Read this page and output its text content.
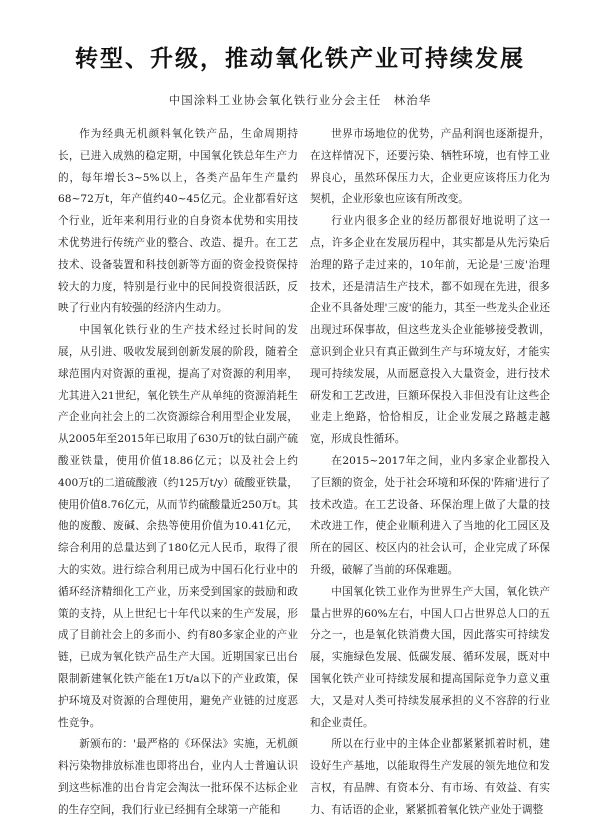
转型、升级，推动氧化铁产业可持续发展
中国涂料工业协会氧化铁行业分会主任　林治华

作为经典无机颜料氧化铁产品，生命周期持长，已进入成熟的稳定期，中国氧化铁总年生产力的，每年增长3~5%以上，各类产品年生产量约68~72万t，年产值约40~45亿元。企业都看好这个行业，近年来利用行业的自身资本优势和实用技术优势进行传统产业的整合、改造、提升。在工艺技术、设备装置和科技创新等方面的资金投资保持较大的力度，特别是行业中的民间投资很活跃，反映了行业内有较强的经济内生动力。

中国氧化铁行业的生产技术经过长时间的发展，从引进、吸收发展到创新发展的阶段，随着全球范围内对资源的重视，提高了对资源的利用率，尤其进入21世纪，氧化铁生产从单纯的资源消耗生产企业向社会上的二次资源综合利用型企业发展，从2005年至2015年已取用了630万t的钛白副产硫酸亚铁量，使用价值18.86亿元；以及社会上约400万t的二道硫酸液（约125万t/y）硫酸亚铁量，使用价值8.76亿元，从而节约硫酸量近250万t。其他的废酸、废碱、余热等使用价值为10.41亿元，综合利用的总量达到了180亿元人民币，取得了很大的实效。进行综合利用已成为中国石化行业中的循环经济精细化工产业，历来受到国家的鼓励和政策的支持，从上世纪七十年代以来的生产发展，形成了目前社会上的多而小、约有80多家企业的产业链，已成为氧化铁产品生产大国。近期国家已出台限制新建氧化铁产能在1万t/a以下的产业政策，保护环境及对资源的合理使用，避免产业链的过度恶性竞争。

新颁布的：'最严格的《环保法》实施，无机颜料污染物排放标准也即将出台，业内人士普遍认识到这些标准的出台肯定会淘汰一批环保不达标企业的生存空间，我们行业已经拥有全球第一产能和

世界市场地位的优势，产品利润也逐渐提升，在这样情况下，还要污染、牺牲环境，也有悖工业界良心，虽然环保压力大，企业更应该将压力化为契机，企业形象也应该有所改变。

行业内很多企业的经历都很好地说明了这一点，许多企业在发展历程中，其实都是从先污染后治理的路子走过来的，10年前，无论是'三废'治理技术，还是清洁生产技术，都不如现在先进，很多企业不具备处理'三废'的能力，其至一些龙头企业还出现过环保事故，但这些龙头企业能够接受教训，意识到企业只有真正做到生产与环境友好，才能实现可持续发展，从而愿意投入大量资金，进行技术研发和工艺改进，巨额环保投入非但没有让这些企业走上绝路，恰恰相反，让企业发展之路越走越宽，形成良性循环。

在2015~2017年之间，业内多家企业都投入了巨额的资金，处于社会环境和环保的'阵痛'进行了技术改造。在工艺设备、环保治理上做了大量的技术改进工作，使企业顺利进入了当地的化工园区及所在的园区、校区内的社会认可，企业完成了环保升级，破解了当前的环保难题。

中国氧化铁工业作为世界生产大国，氧化铁产量占世界的60%左右，中国人口占世界总人口的五分之一，也是氧化铁消费大国，因此落实可持续发展，实施绿色发展、低碳发展、循环发展，既对中国氧化铁产业可持续发展和提高国际竞争力意义重大，又是对人类可持续发展承担的义不容辞的行业和企业责任。

所以在行业中的主体企业都紧紧抓着时机，建设好生产基地，以能取得生产发展的领先地位和发言权，有品牌、有资本分、有市场、有效益、有实力、有话语的企业，紧紧抓着氧化铁产业处于调整
